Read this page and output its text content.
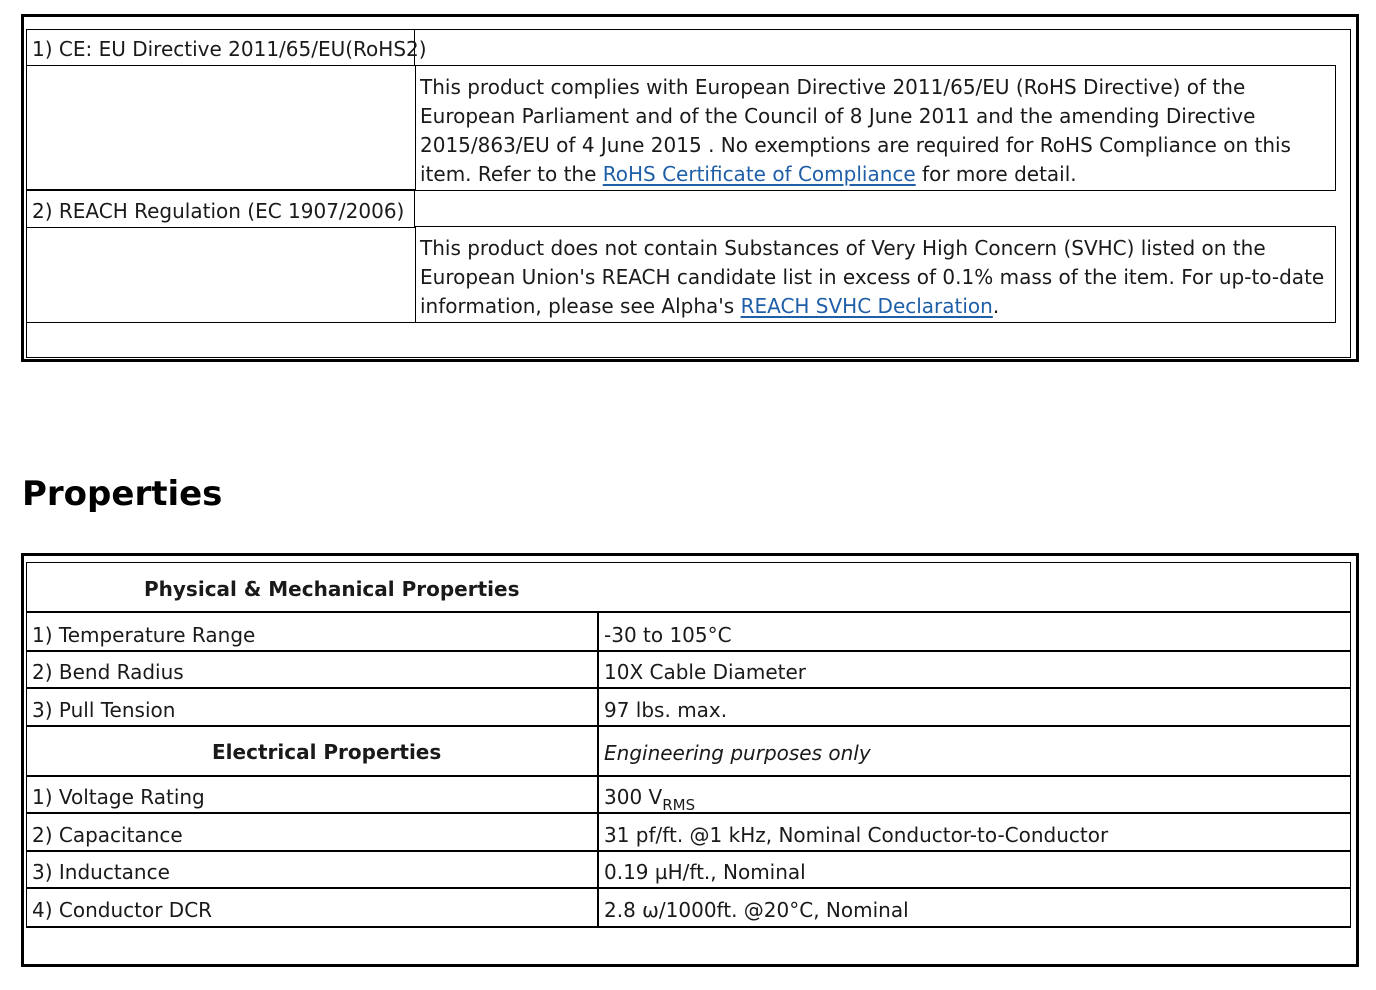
1) CE: EU Directive 2011/65/EU(RoHS2)
This product complies with European Directive 2011/65/EU (RoHS Directive) of the European Parliament and of the Council of 8 June 2011 and the amending Directive 2015/863/EU of 4 June 2015 . No exemptions are required for RoHS Compliance on this item. Refer to the RoHS Certificate of Compliance for more detail.
2) REACH Regulation (EC 1907/2006)
This product does not contain Substances of Very High Concern (SVHC) listed on the European Union's REACH candidate list in excess of 0.1% mass of the item. For up-to-date information, please see Alpha's REACH SVHC Declaration.
Properties
Physical & Mechanical Properties
1) Temperature Range	-30 to 105°C
2) Bend Radius	10X Cable Diameter
3) Pull Tension	97 lbs. max.
Electrical Properties	Engineering purposes only
1) Voltage Rating	300 $V_{RMS}$
2) Capacitance	31 pf/ft. @1 kHz, Nominal Conductor-to-Conductor
3) Inductance	0.19 µH/ft., Nominal
4) Conductor DCR	2.8 ω/1000ft. @20°C, Nominal
